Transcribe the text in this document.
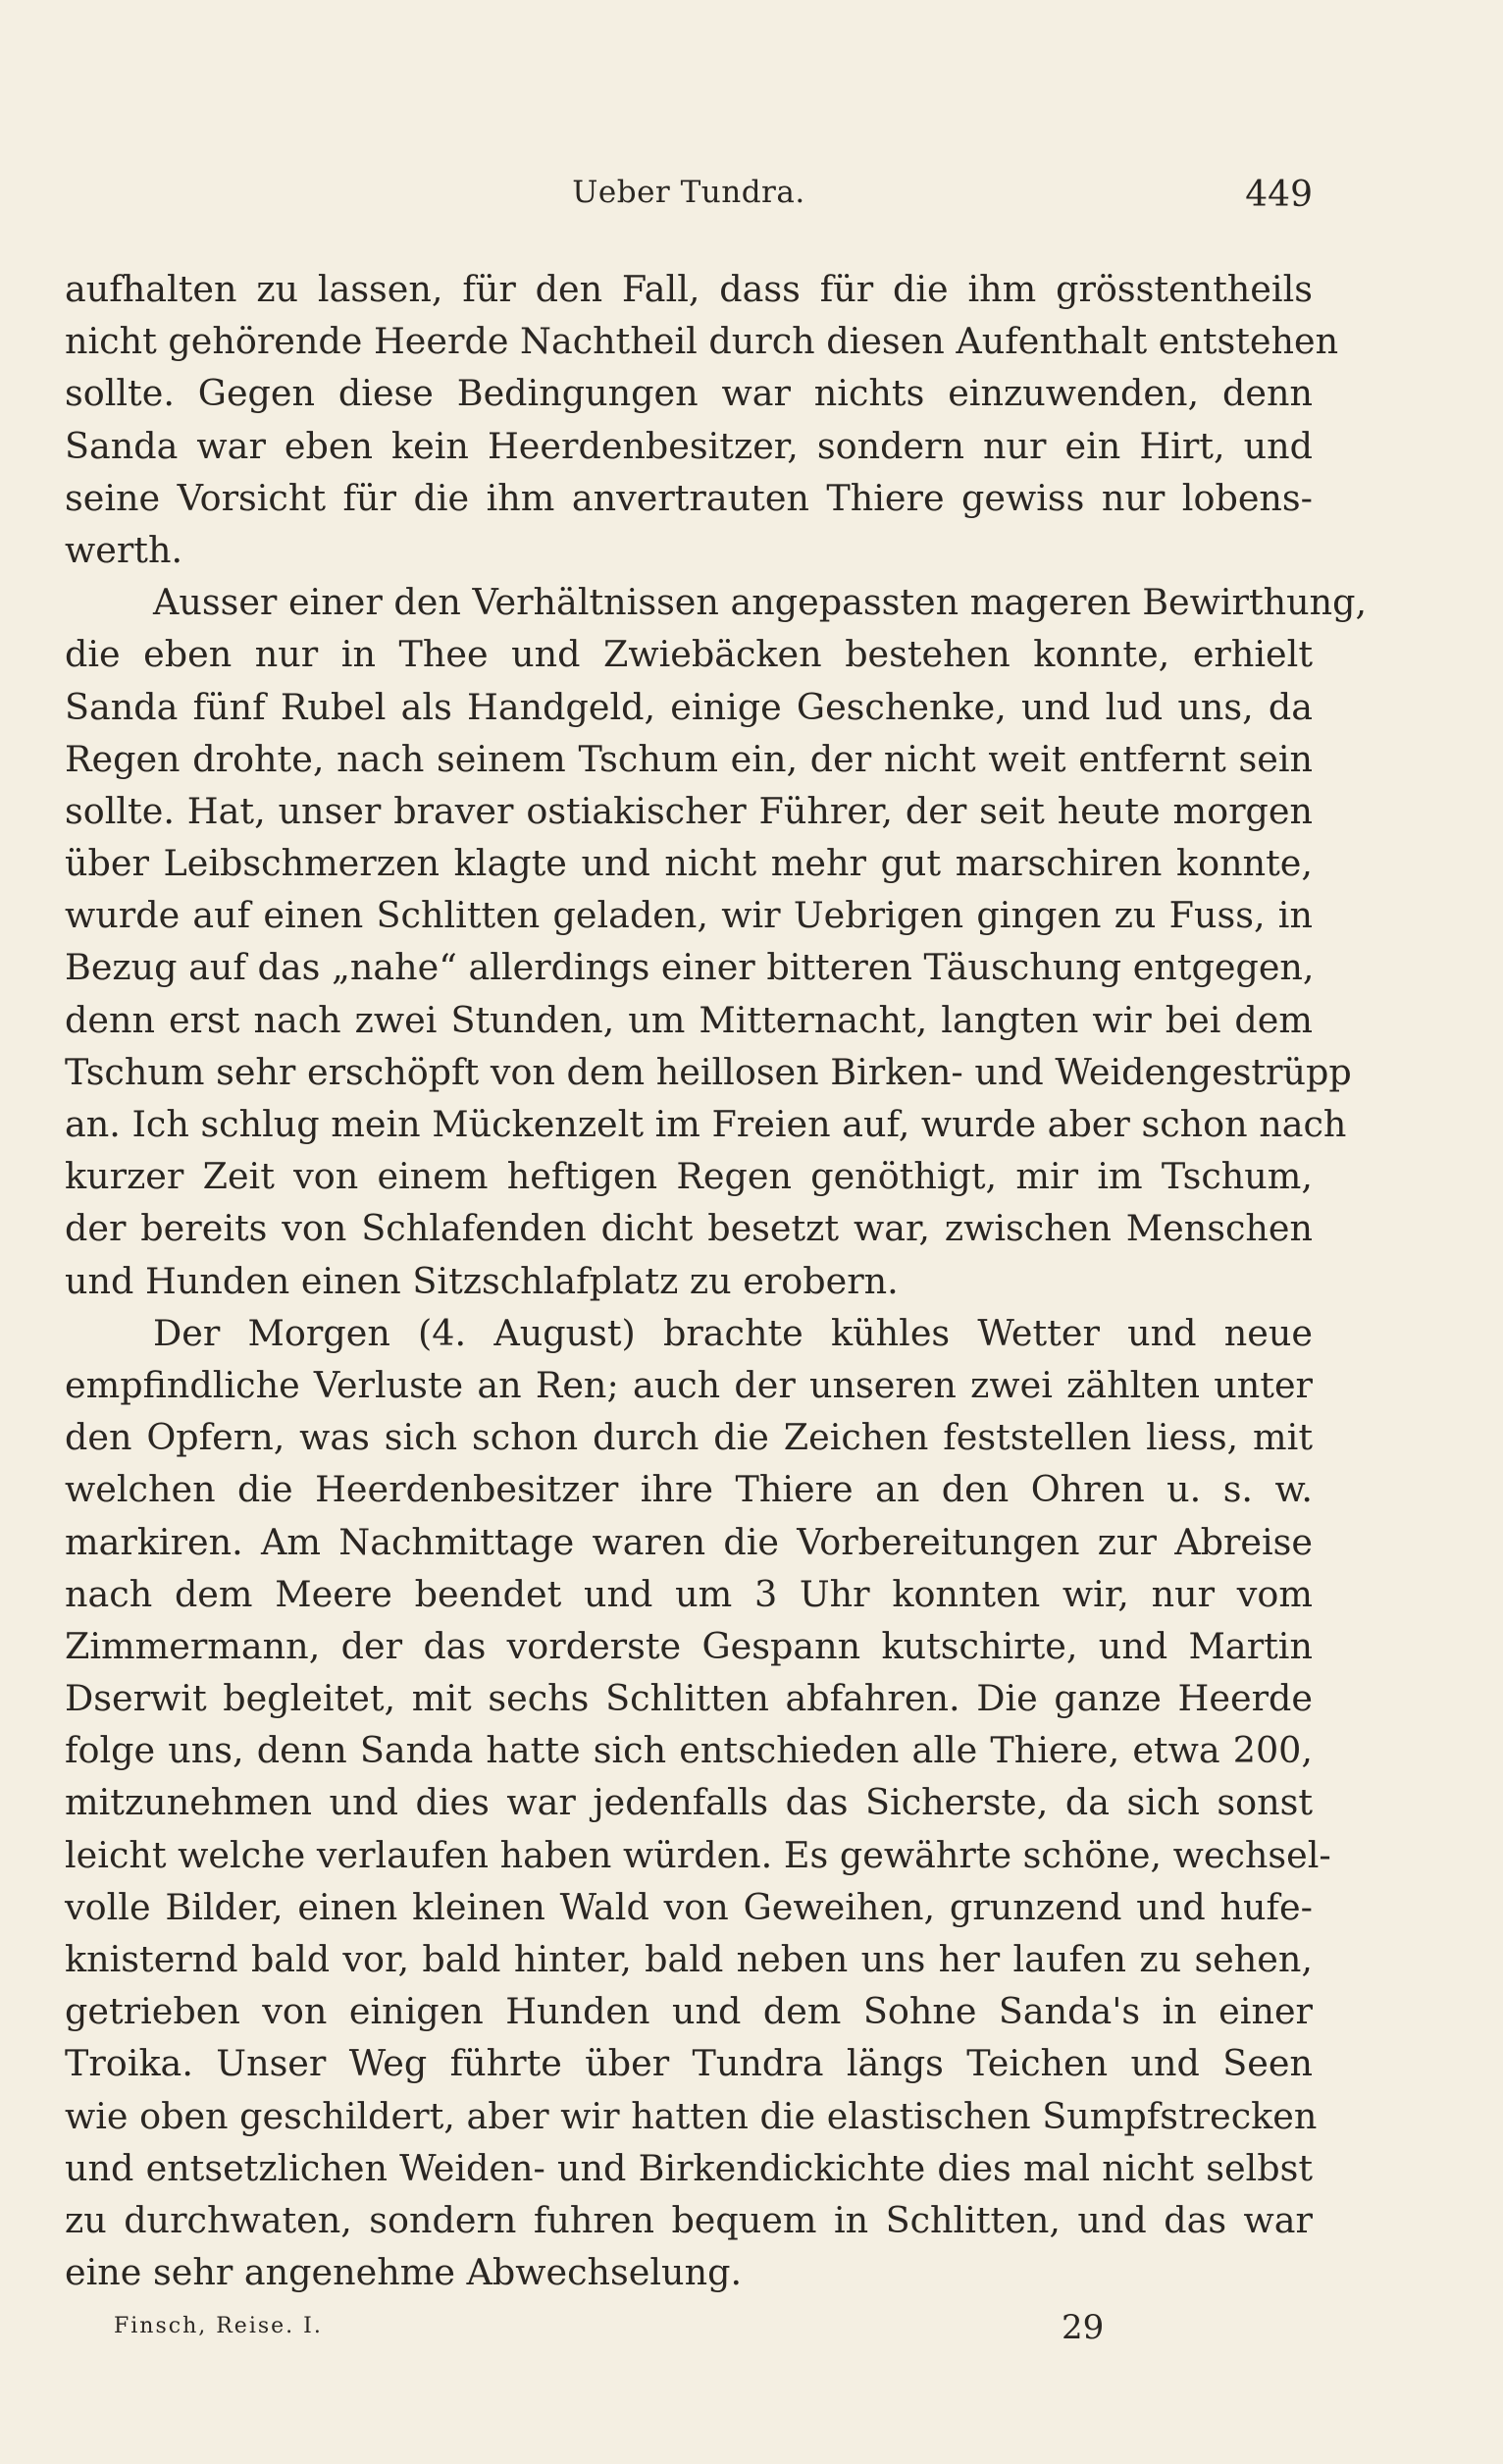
Ueber Tundra.	449
aufhalten zu lassen, für den Fall, dass für die ihm grösstentheils
nicht gehörende Heerde Nachtheil durch diesen Aufenthalt entstehen
sollte. Gegen diese Bedingungen war nichts einzuwenden, denn
Sanda war eben kein Heerdenbesitzer, sondern nur ein Hirt, und
seine Vorsicht für die ihm anvertrauten Thiere gewiss nur lobens-
werth.
Ausser einer den Verhältnissen angepassten mageren Bewirthung,
die eben nur in Thee und Zwiebäcken bestehen konnte, erhielt
Sanda fünf Rubel als Handgeld, einige Geschenke, und lud uns, da
Regen drohte, nach seinem Tschum ein, der nicht weit entfernt sein
sollte. Hat, unser braver ostiakischer Führer, der seit heute morgen
über Leibschmerzen klagte und nicht mehr gut marschiren konnte,
wurde auf einen Schlitten geladen, wir Uebrigen gingen zu Fuss, in
Bezug auf das „nahe“ allerdings einer bitteren Täuschung entgegen,
denn erst nach zwei Stunden, um Mitternacht, langten wir bei dem
Tschum sehr erschöpft von dem heillosen Birken- und Weidengestrüpp
an. Ich schlug mein Mückenzelt im Freien auf, wurde aber schon nach
kurzer Zeit von einem heftigen Regen genöthigt, mir im Tschum,
der bereits von Schlafenden dicht besetzt war, zwischen Menschen
und Hunden einen Sitzschlafplatz zu erobern.
Der Morgen (4. August) brachte kühles Wetter und neue
empfindliche Verluste an Ren; auch der unseren zwei zählten unter
den Opfern, was sich schon durch die Zeichen feststellen liess, mit
welchen die Heerdenbesitzer ihre Thiere an den Ohren u. s. w.
markiren. Am Nachmittage waren die Vorbereitungen zur Abreise
nach dem Meere beendet und um 3 Uhr konnten wir, nur vom
Zimmermann, der das vorderste Gespann kutschirte, und Martin
Dserwit begleitet, mit sechs Schlitten abfahren. Die ganze Heerde
folge uns, denn Sanda hatte sich entschieden alle Thiere, etwa 200,
mitzunehmen und dies war jedenfalls das Sicherste, da sich sonst
leicht welche verlaufen haben würden. Es gewährte schöne, wechsel-
volle Bilder, einen kleinen Wald von Geweihen, grunzend und hufe-
knisternd bald vor, bald hinter, bald neben uns her laufen zu sehen,
getrieben von einigen Hunden und dem Sohne Sanda's in einer
Troika. Unser Weg führte über Tundra längs Teichen und Seen
wie oben geschildert, aber wir hatten die elastischen Sumpfstrecken
und entsetzlichen Weiden- und Birkendickichte dies mal nicht selbst
zu durchwaten, sondern fuhren bequem in Schlitten, und das war
eine sehr angenehme Abwechselung.
Finsch, Reise. I.	29
